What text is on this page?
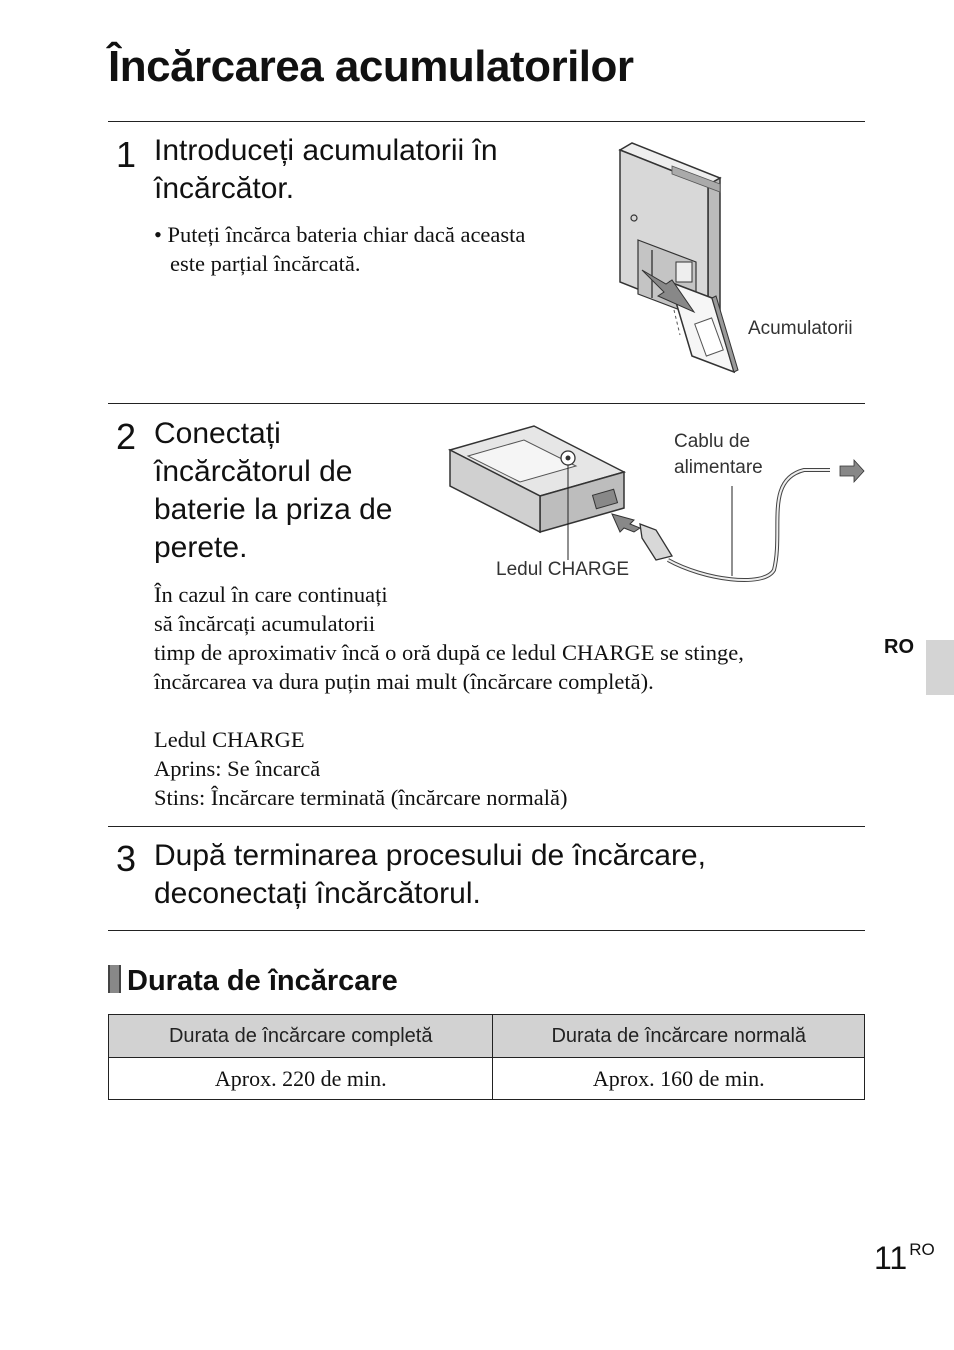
Încărcarea acumulatorilor
RO
1 Introduceți acumulatorii în
încărcător.
• Puteți încărca bateria chiar dacă aceasta
este parțial încărcată.
Acumulatorii
2 Conectați
încărcătorul de
baterie la priza de
perete.
Cablu de
alimentare
Ledul CHARGE
În cazul în care continuați
să încărcați acumulatorii
timp de aproximativ încă o oră după ce ledul CHARGE se stinge,
încărcarea va dura puțin mai mult (încărcare completă).
Ledul CHARGE
Aprins: Se încarcă
Stins: Încărcare terminată (încărcare normală)
3 După terminarea procesului de încărcare,
deconectați încărcătorul.
Durata de încărcare
Durata de încărcare completă	Durata de încărcare normală
Aprox. 220 de min.	Aprox. 160 de min.
11 $^{RO}$
